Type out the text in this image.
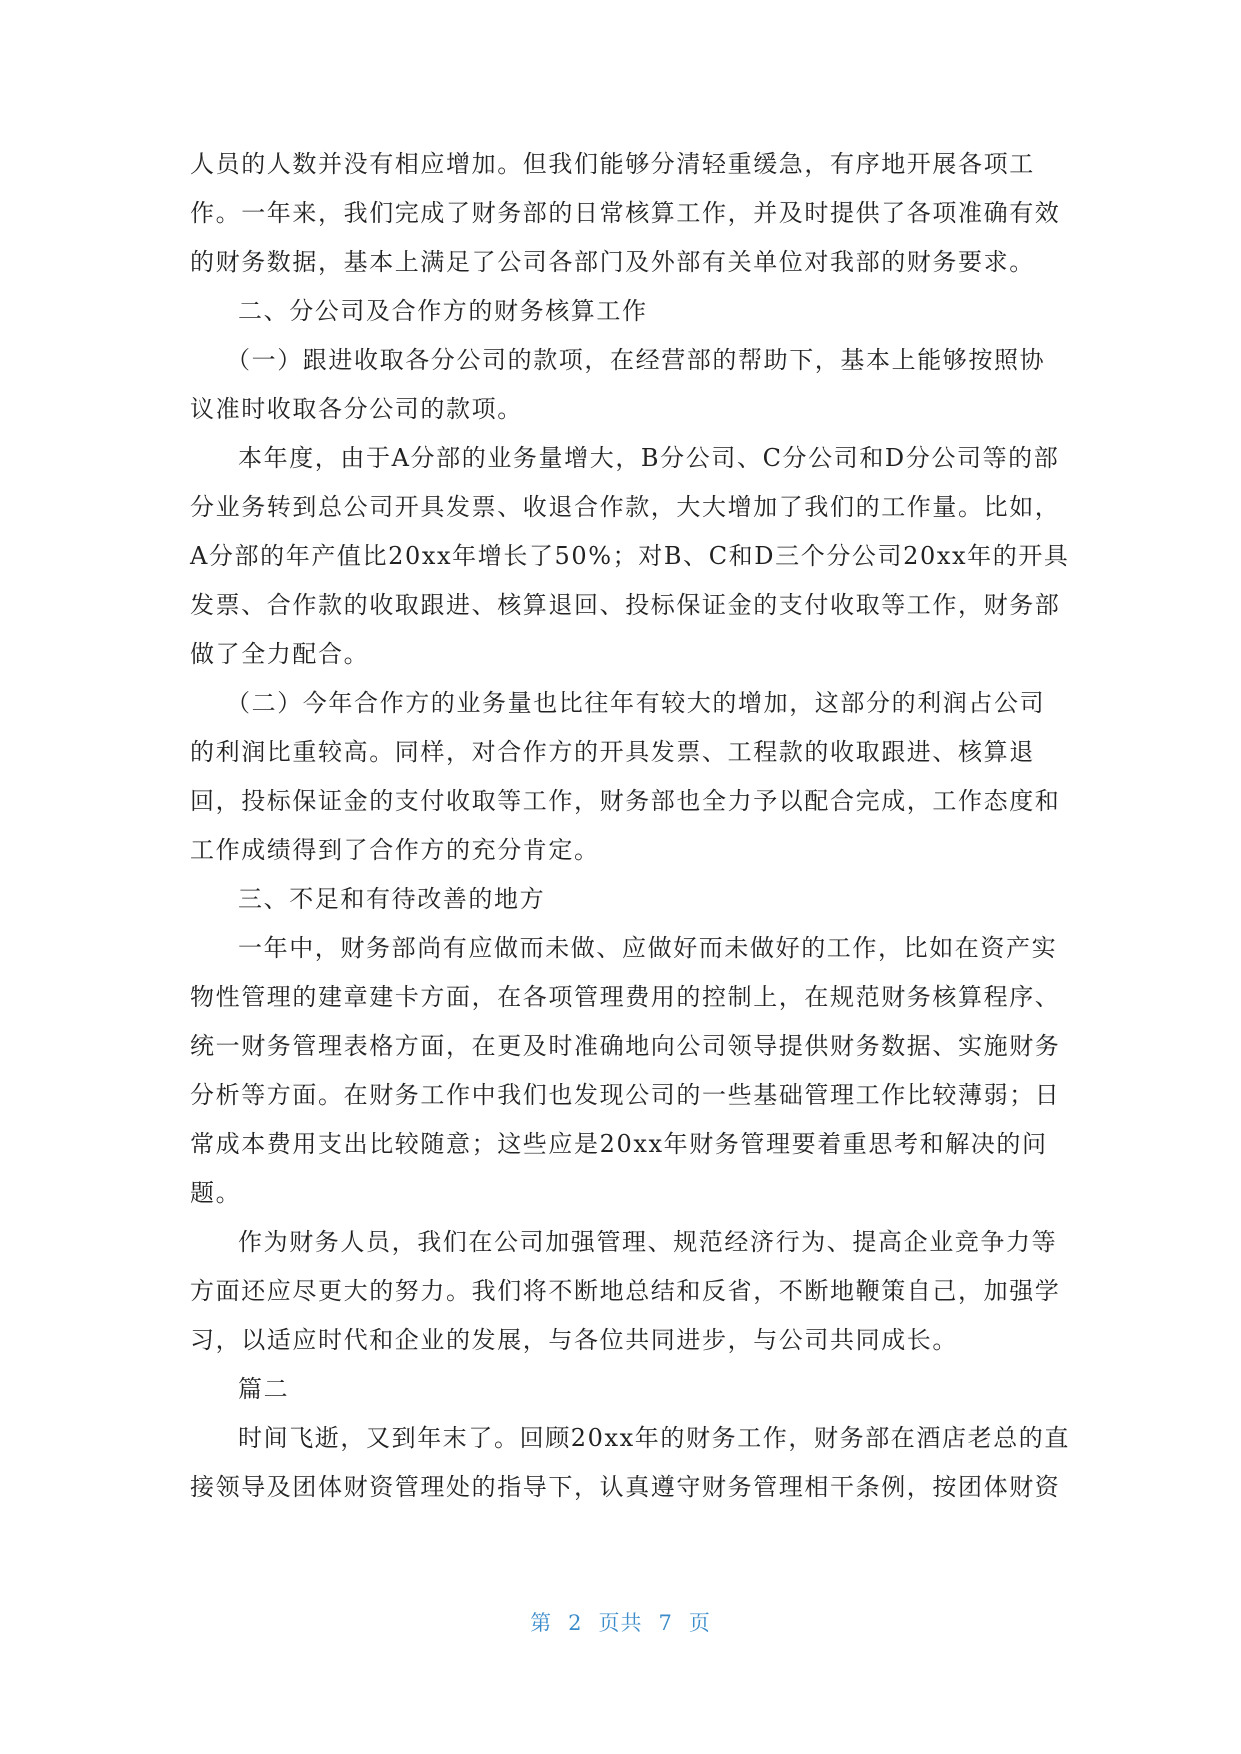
人员的人数并没有相应增加。但我们能够分清轻重缓急，有序地开展各项工
作。一年来，我们完成了财务部的日常核算工作，并及时提供了各项准确有效
的财务数据，基本上满足了公司各部门及外部有关单位对我部的财务要求。
二、分公司及合作方的财务核算工作
（一）跟进收取各分公司的款项，在经营部的帮助下，基本上能够按照协
议准时收取各分公司的款项。
本年度，由于A分部的业务量增大，B分公司、C分公司和D分公司等的部
分业务转到总公司开具发票、收退合作款，大大增加了我们的工作量。比如，
A分部的年产值比20xx年增长了50%；对B、C和D三个分公司20xx年的开具
发票、合作款的收取跟进、核算退回、投标保证金的支付收取等工作，财务部
做了全力配合。
（二）今年合作方的业务量也比往年有较大的增加，这部分的利润占公司
的利润比重较高。同样，对合作方的开具发票、工程款的收取跟进、核算退
回，投标保证金的支付收取等工作，财务部也全力予以配合完成，工作态度和
工作成绩得到了合作方的充分肯定。
三、不足和有待改善的地方
一年中，财务部尚有应做而未做、应做好而未做好的工作，比如在资产实
物性管理的建章建卡方面，在各项管理费用的控制上，在规范财务核算程序、
统一财务管理表格方面，在更及时准确地向公司领导提供财务数据、实施财务
分析等方面。在财务工作中我们也发现公司的一些基础管理工作比较薄弱；日
常成本费用支出比较随意；这些应是20xx年财务管理要着重思考和解决的问
题。
作为财务人员，我们在公司加强管理、规范经济行为、提高企业竞争力等
方面还应尽更大的努力。我们将不断地总结和反省，不断地鞭策自己，加强学
习，以适应时代和企业的发展，与各位共同进步，与公司共同成长。
篇二
时间飞逝，又到年末了。回顾20xx年的财务工作，财务部在酒店老总的直
接领导及团体财资管理处的指导下，认真遵守财务管理相干条例，按团体财资
第 2 页共 7 页
